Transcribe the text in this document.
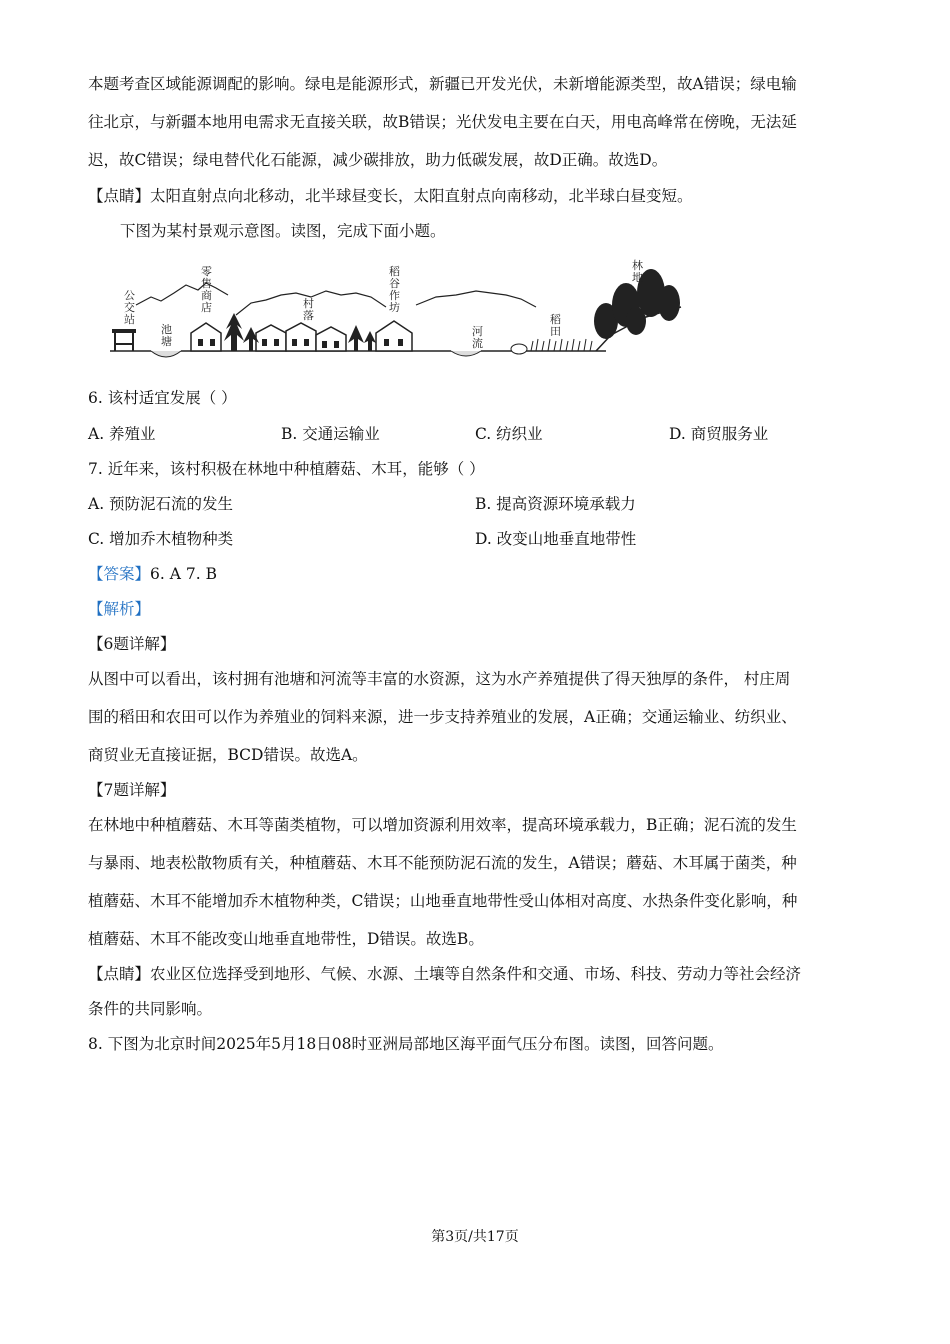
本题考查区域能源调配的影响。绿电是能源形式，新疆已开发光伏，未新增能源类型，故A错误；绿电输
往北京，与新疆本地用电需求无直接关联，故B错误；光伏发电主要在白天，用电高峰常在傍晚，无法延
迟，故C错误；绿电替代化石能源，减少碳排放，助力低碳发展，故D正确。故选D。
【点睛】太阳直射点向北移动，北半球昼变长，太阳直射点向南移动，北半球白昼变短。
下图为某村景观示意图。读图，完成下面小题。
公交站
池塘
零售商店	村落
稻谷作坊
河流
稻田
林地
6. 该村适宜发展（ ）
A. 养殖业	B. 交通运输业	C. 纺织业	D. 商贸服务业
7. 近年来，该村积极在林地中种植蘑菇、木耳，能够（ ）
A. 预防泥石流的发生	B. 提高资源环境承载力
C. 增加乔木植物种类	D. 改变山地垂直地带性
【答案】6. A 7. B
【解析】
【6题详解】
从图中可以看出，该村拥有池塘和河流等丰富的水资源，这为水产养殖提供了得天独厚的条件， 村庄周
围的稻田和农田可以作为养殖业的饲料来源，进一步支持养殖业的发展，A正确；交通运输业、纺织业、
商贸业无直接证据，BCD错误。故选A。
【7题详解】
在林地中种植蘑菇、木耳等菌类植物，可以增加资源利用效率，提高环境承载力，B正确；泥石流的发生
与暴雨、地表松散物质有关，种植蘑菇、木耳不能预防泥石流的发生，A错误；蘑菇、木耳属于菌类，种
植蘑菇、木耳不能增加乔木植物种类，C错误；山地垂直地带性受山体相对高度、水热条件变化影响，种
植蘑菇、木耳不能改变山地垂直地带性，D错误。故选B。
【点睛】农业区位选择受到地形、气候、水源、土壤等自然条件和交通、市场、科技、劳动力等社会经济
条件的共同影响。
8. 下图为北京时间2025年5月18日08时亚洲局部地区海平面气压分布图。读图，回答问题。
第3页/共17页
